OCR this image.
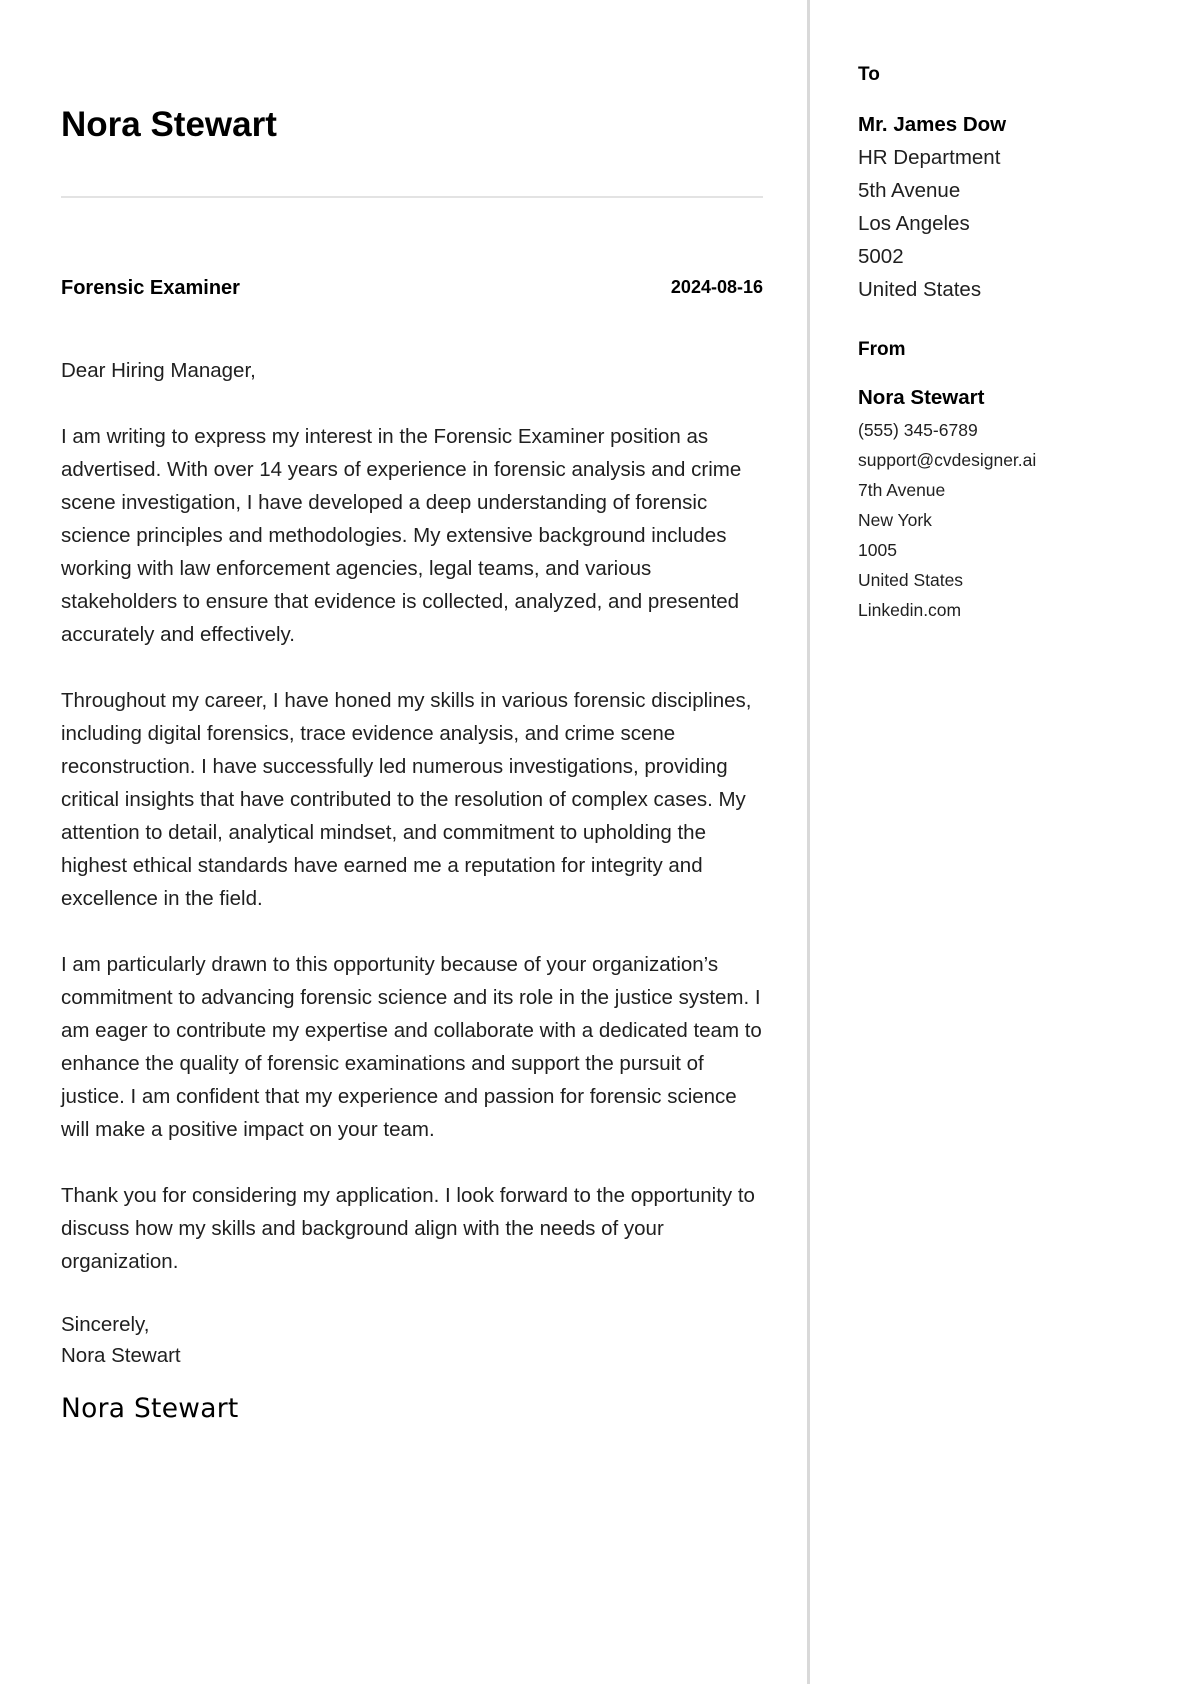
Nora Stewart
Forensic Examiner	2024-08-16

Dear Hiring Manager,

I am writing to express my interest in the Forensic Examiner position as advertised. With over 14 years of experience in forensic analysis and crime scene investigation, I have developed a deep understanding of forensic science principles and methodologies. My extensive background includes working with law enforcement agencies, legal teams, and various stakeholders to ensure that evidence is collected, analyzed, and presented accurately and effectively.

Throughout my career, I have honed my skills in various forensic disciplines, including digital forensics, trace evidence analysis, and crime scene reconstruction. I have successfully led numerous investigations, providing critical insights that have contributed to the resolution of complex cases. My attention to detail, analytical mindset, and commitment to upholding the highest ethical standards have earned me a reputation for integrity and excellence in the field.

I am particularly drawn to this opportunity because of your organization’s commitment to advancing forensic science and its role in the justice system. I am eager to contribute my expertise and collaborate with a dedicated team to enhance the quality of forensic examinations and support the pursuit of justice. I am confident that my experience and passion for forensic science will make a positive impact on your team.

Thank you for considering my application. I look forward to the opportunity to discuss how my skills and background align with the needs of your organization.

Sincerely,
Nora Stewart
Nora Stewart
To
Mr. James Dow
HR Department
5th Avenue
Los Angeles
5002
United States
From
Nora Stewart
(555) 345-6789
support@cvdesigner.ai
7th Avenue
New York
1005
United States
Linkedin.com
